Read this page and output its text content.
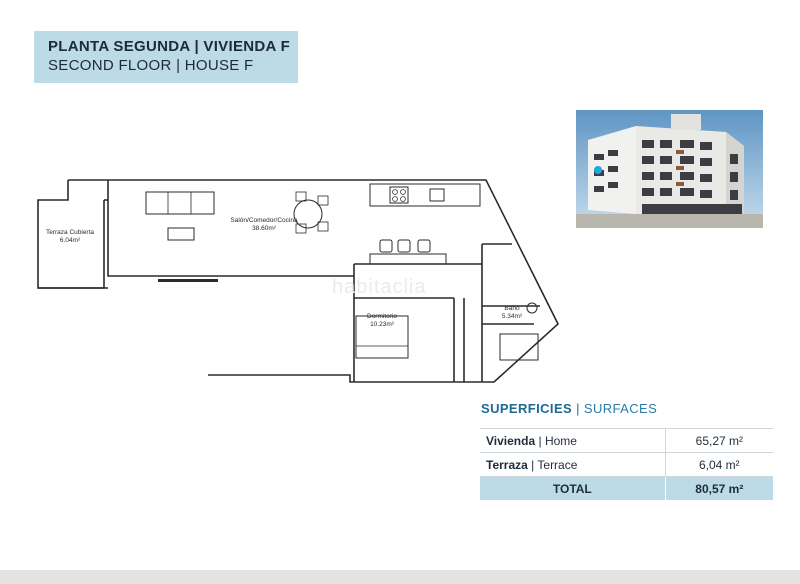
PLANTA SEGUNDA | VIVIENDA F
SECOND FLOOR | HOUSE F
Terraza Cubierta
6.04m²
Salón/Comedor/Cocina
38.60m²
Dormitorio
10.23m²
Baño
5.34m²
habitaclia
SUPERFICIES | SURFACES
Vivienda | Home	65,27 m²
Terraza | Terrace	6,04 m²
TOTAL	80,57 m²
